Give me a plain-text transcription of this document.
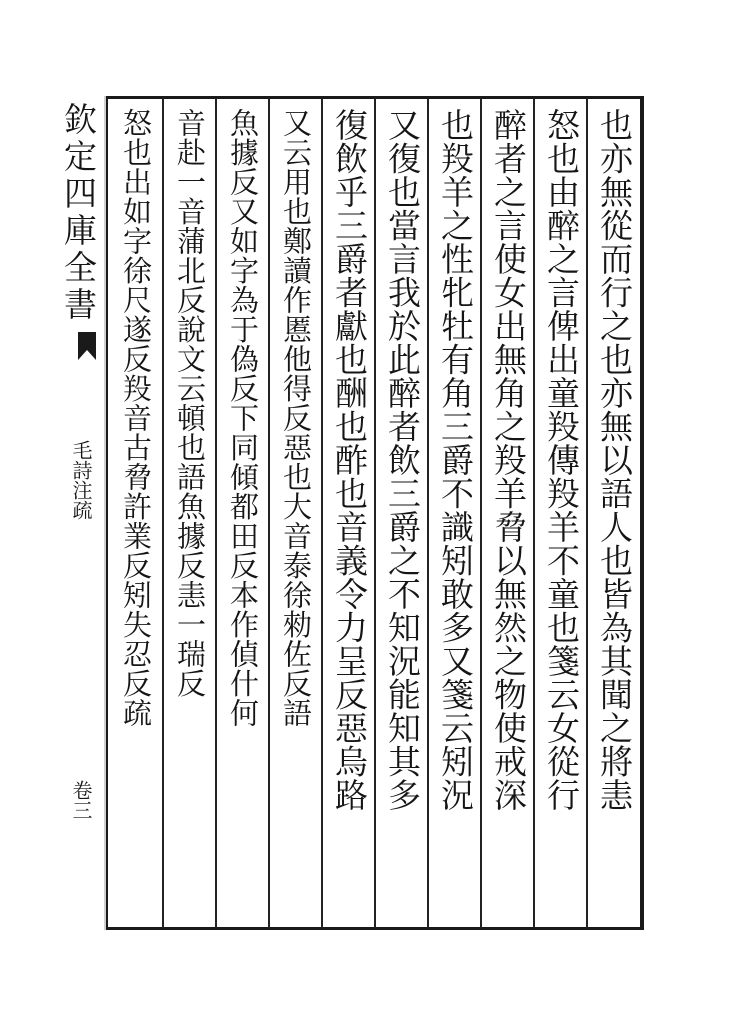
欽定四庫全書
毛詩注疏
卷三	也亦無從而行之也亦無以語人也皆為其聞之將恚
怒也由醉之言俾出童羖傳羖羊不童也箋云女從行
醉者之言使女出無角之羖羊脅以無然之物使戒深
也羖羊之性牝牡有角三爵不識矧敢多又箋云矧況
又復也當言我於此醉者飲三爵之不知況能知其多
復飲乎三爵者獻也酬也酢也音義令力呈反惡烏路
又云用也鄭讀作慝他得反惡也大音泰徐勑佐反語
魚據反又如字為于偽反下同傾都田反本作偵什何
音赴一音蒲北反說文云頓也語魚據反恚一瑞反
怒也出如字徐尺遂反羖音古脅許業反矧失忍反疏
